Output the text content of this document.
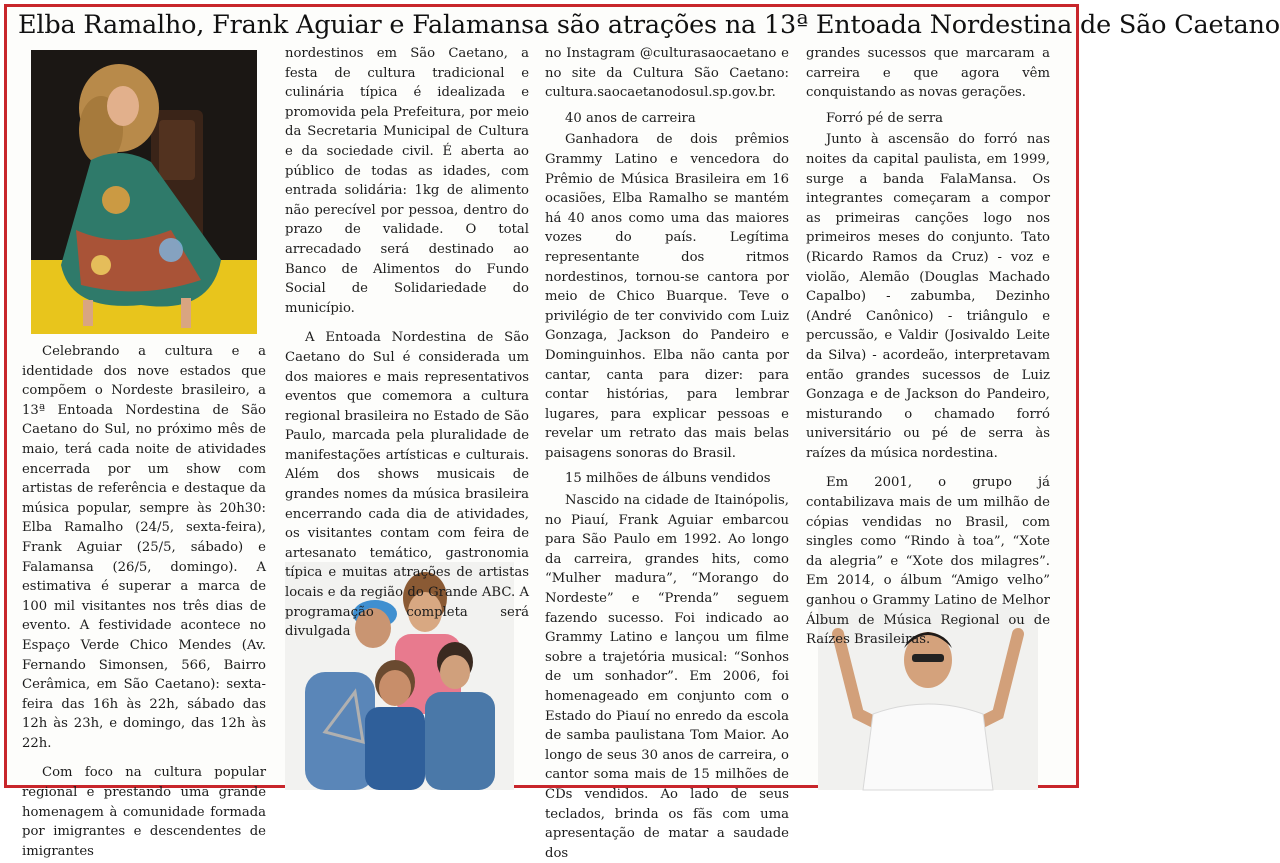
Elba Ramalho, Frank Aguiar e Falamansa são atrações na 13ª Entoada Nordestina de São Caetano

Celebrando a cultura e a identidade dos nove estados que compõem o Nordeste brasileiro, a 13ª Entoada Nordestina de São Caetano do Sul, no próximo mês de maio, terá cada noite de atividades encerrada por um show com artistas de referência e destaque da música popular, sempre às 20h30: Elba Ramalho (24/5, sexta-feira), Frank Aguiar (25/5, sábado) e Falamansa (26/5, domingo). A estimativa é superar a marca de 100 mil visitantes nos três dias de evento. A festividade acontece no Espaço Verde Chico Mendes (Av. Fernando Simonsen, 566, Bairro Cerâmica, em São Caetano): sexta-feira das 16h às 22h, sábado das 12h às 23h, e domingo, das 12h às 22h.

Com foco na cultura popular regional e prestando uma grande homenagem à comunidade formada por imigrantes e descendentes de imigrantes

nordestinos em São Caetano, a festa de cultura tradicional e culinária típica é idealizada e promovida pela Prefeitura, por meio da Secretaria Municipal de Cultura e da sociedade civil. É aberta ao público de todas as idades, com entrada solidária: 1kg de alimento não perecível por pessoa, dentro do prazo de validade. O total arrecadado será destinado ao Banco de Alimentos do Fundo Social de Solidariedade do município.

A Entoada Nordestina de São Caetano do Sul é considerada um dos maiores e mais representativos eventos que comemora a cultura regional brasileira no Estado de São Paulo, marcada pela pluralidade de manifestações artísticas e culturais. Além dos shows musicais de grandes nomes da música brasileira encerrando cada dia de atividades, os visitantes contam com feira de artesanato temático, gastronomia típica e muitas atrações de artistas locais e da região do Grande ABC. A programação completa será divulgada

no Instagram @culturasaocaetano e no site da Cultura São Caetano: cultura.saocaetanodosul.sp.gov.br.

40 anos de carreira

Ganhadora de dois prêmios Grammy Latino e vencedora do Prêmio de Música Brasileira em 16 ocasiões, Elba Ramalho se mantém há 40 anos como uma das maiores vozes do país. Legítima representante dos ritmos nordestinos, tornou-se cantora por meio de Chico Buarque. Teve o privilégio de ter convivido com Luiz Gonzaga, Jackson do Pandeiro e Dominguinhos. Elba não canta por cantar, canta para dizer: para contar histórias, para lembrar lugares, para explicar pessoas e revelar um retrato das mais belas paisagens sonoras do Brasil.

15 milhões de álbuns vendidos

Nascido na cidade de Itainópolis, no Piauí, Frank Aguiar embarcou para São Paulo em 1992. Ao longo da carreira, grandes hits, como “Mulher madura”, “Morango do Nordeste” e “Prenda” seguem fazendo sucesso. Foi indicado ao Grammy Latino e lançou um filme sobre a trajetória musical: “Sonhos de um sonhador”. Em 2006, foi homenageado em conjunto com o Estado do Piauí no enredo da escola de samba paulistana Tom Maior. Ao longo de seus 30 anos de carreira, o cantor soma mais de 15 milhões de CDs vendidos. Ao lado de seus teclados, brinda os fãs com uma apresentação de matar a saudade dos

grandes sucessos que marcaram a carreira e que agora vêm conquistando as novas gerações.

Forró pé de serra

Junto à ascensão do forró nas noites da capital paulista, em 1999, surge a banda FalaMansa. Os integrantes começaram a compor as primeiras canções logo nos primeiros meses do conjunto. Tato (Ricardo Ramos da Cruz) - voz e violão, Alemão (Douglas Machado Capalbo) - zabumba, Dezinho (André Canônico) - triângulo e percussão, e Valdir (Josivaldo Leite da Silva) - acordeão, interpretavam então grandes sucessos de Luiz Gonzaga e de Jackson do Pandeiro, misturando o chamado forró universitário ou pé de serra às raízes da música nordestina.

Em 2001, o grupo já contabilizava mais de um milhão de cópias vendidas no Brasil, com singles como “Rindo à toa”, “Xote da alegria” e “Xote dos milagres”. Em 2014, o álbum “Amigo velho” ganhou o Grammy Latino de Melhor Álbum de Música Regional ou de Raízes Brasileiras.
